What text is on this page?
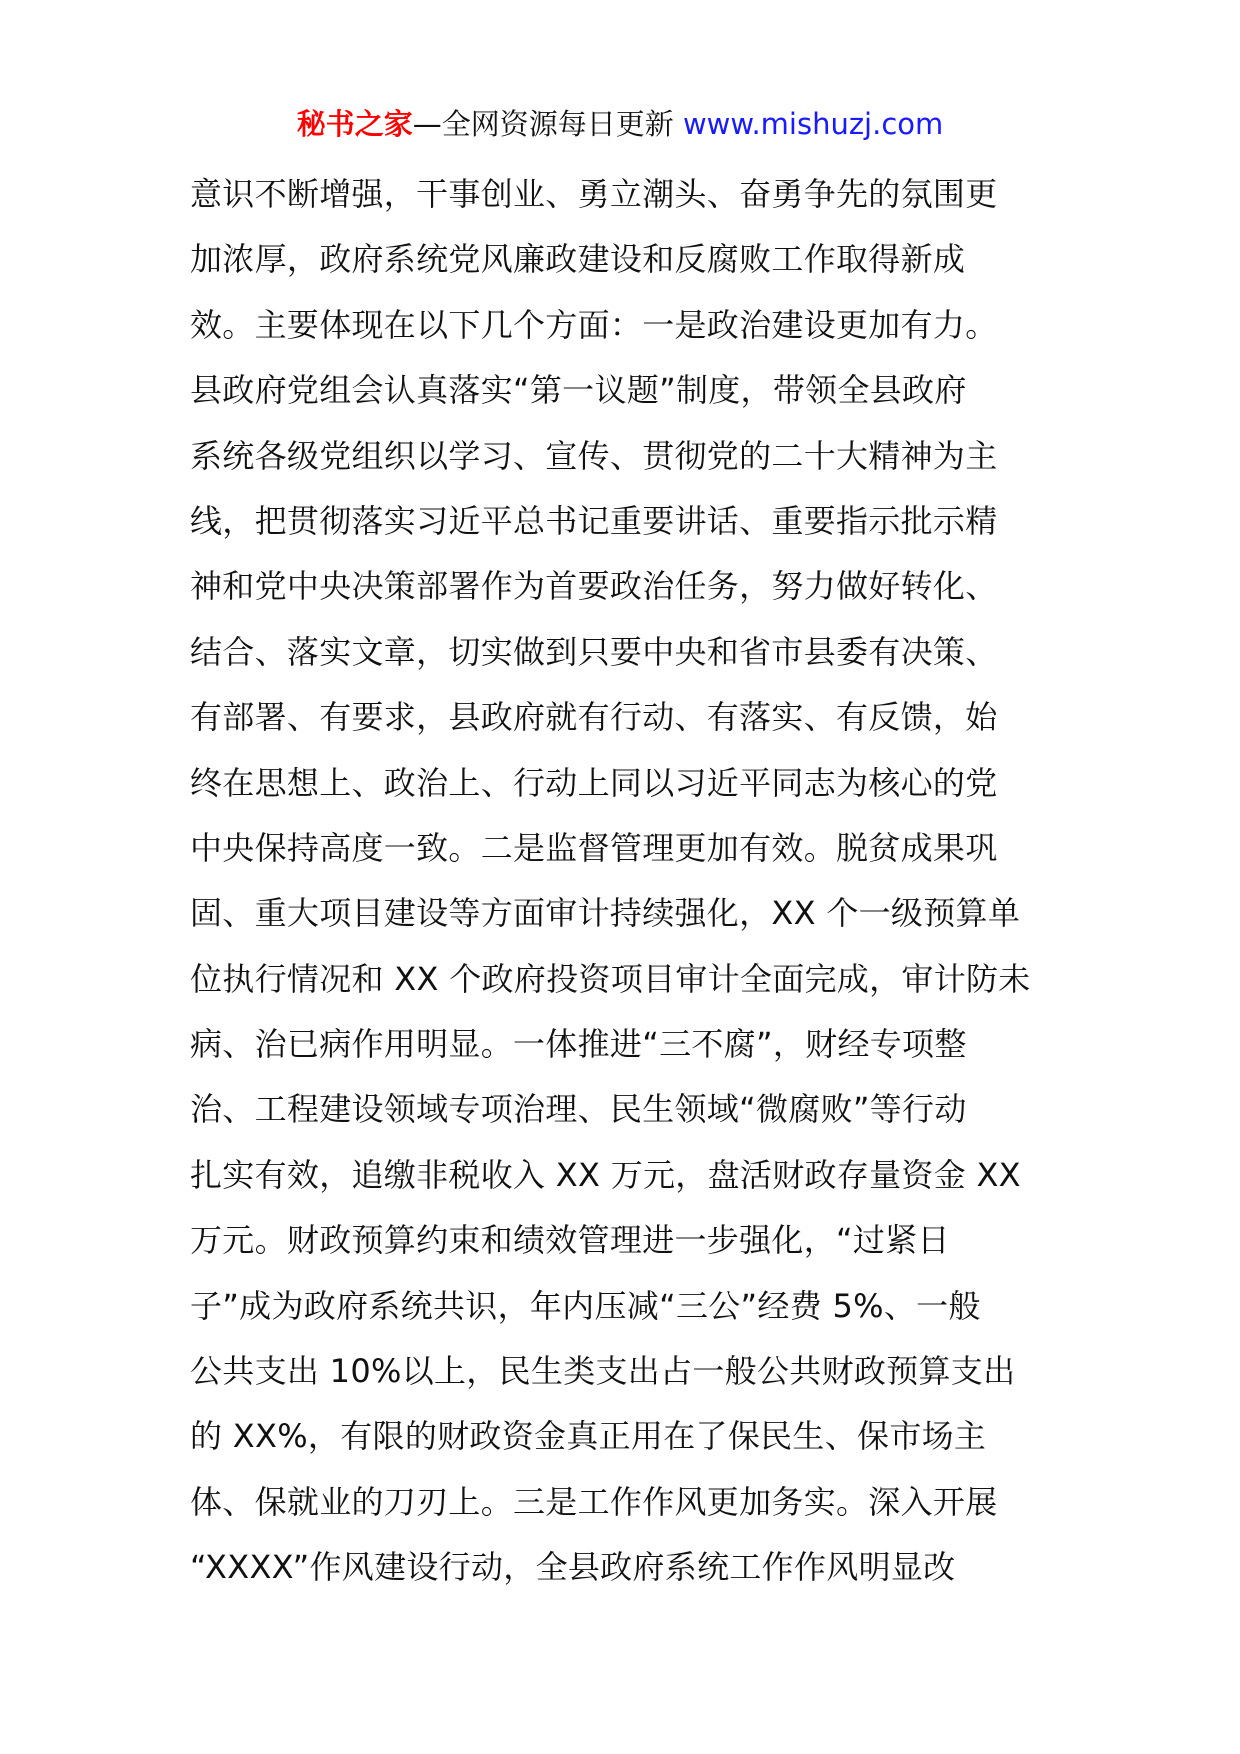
秘书之家—全网资源每日更新 www.mishuzj.com
意识不断增强，干事创业、勇立潮头、奋勇争先的氛围更
加浓厚，政府系统党风廉政建设和反腐败工作取得新成
效。主要体现在以下几个方面：一是政治建设更加有力。
县政府党组会认真落实“第一议题”制度，带领全县政府
系统各级党组织以学习、宣传、贯彻党的二十大精神为主
线，把贯彻落实习近平总书记重要讲话、重要指示批示精
神和党中央决策部署作为首要政治任务，努力做好转化、
结合、落实文章，切实做到只要中央和省市县委有决策、
有部署、有要求，县政府就有行动、有落实、有反馈，始
终在思想上、政治上、行动上同以习近平同志为核心的党
中央保持高度一致。二是监督管理更加有效。脱贫成果巩
固、重大项目建设等方面审计持续强化，XX 个一级预算单
位执行情况和 XX 个政府投资项目审计全面完成，审计防未
病、治已病作用明显。一体推进“三不腐”，财经专项整
治、工程建设领域专项治理、民生领域“微腐败”等行动
扎实有效，追缴非税收入 XX 万元，盘活财政存量资金 XX
万元。财政预算约束和绩效管理进一步强化，“过紧日
子”成为政府系统共识，年内压减“三公”经费 5%、一般
公共支出 10%以上，民生类支出占一般公共财政预算支出
的 XX%，有限的财政资金真正用在了保民生、保市场主
体、保就业的刀刃上。三是工作作风更加务实。深入开展
“XXXX”作风建设行动，全县政府系统工作作风明显改
